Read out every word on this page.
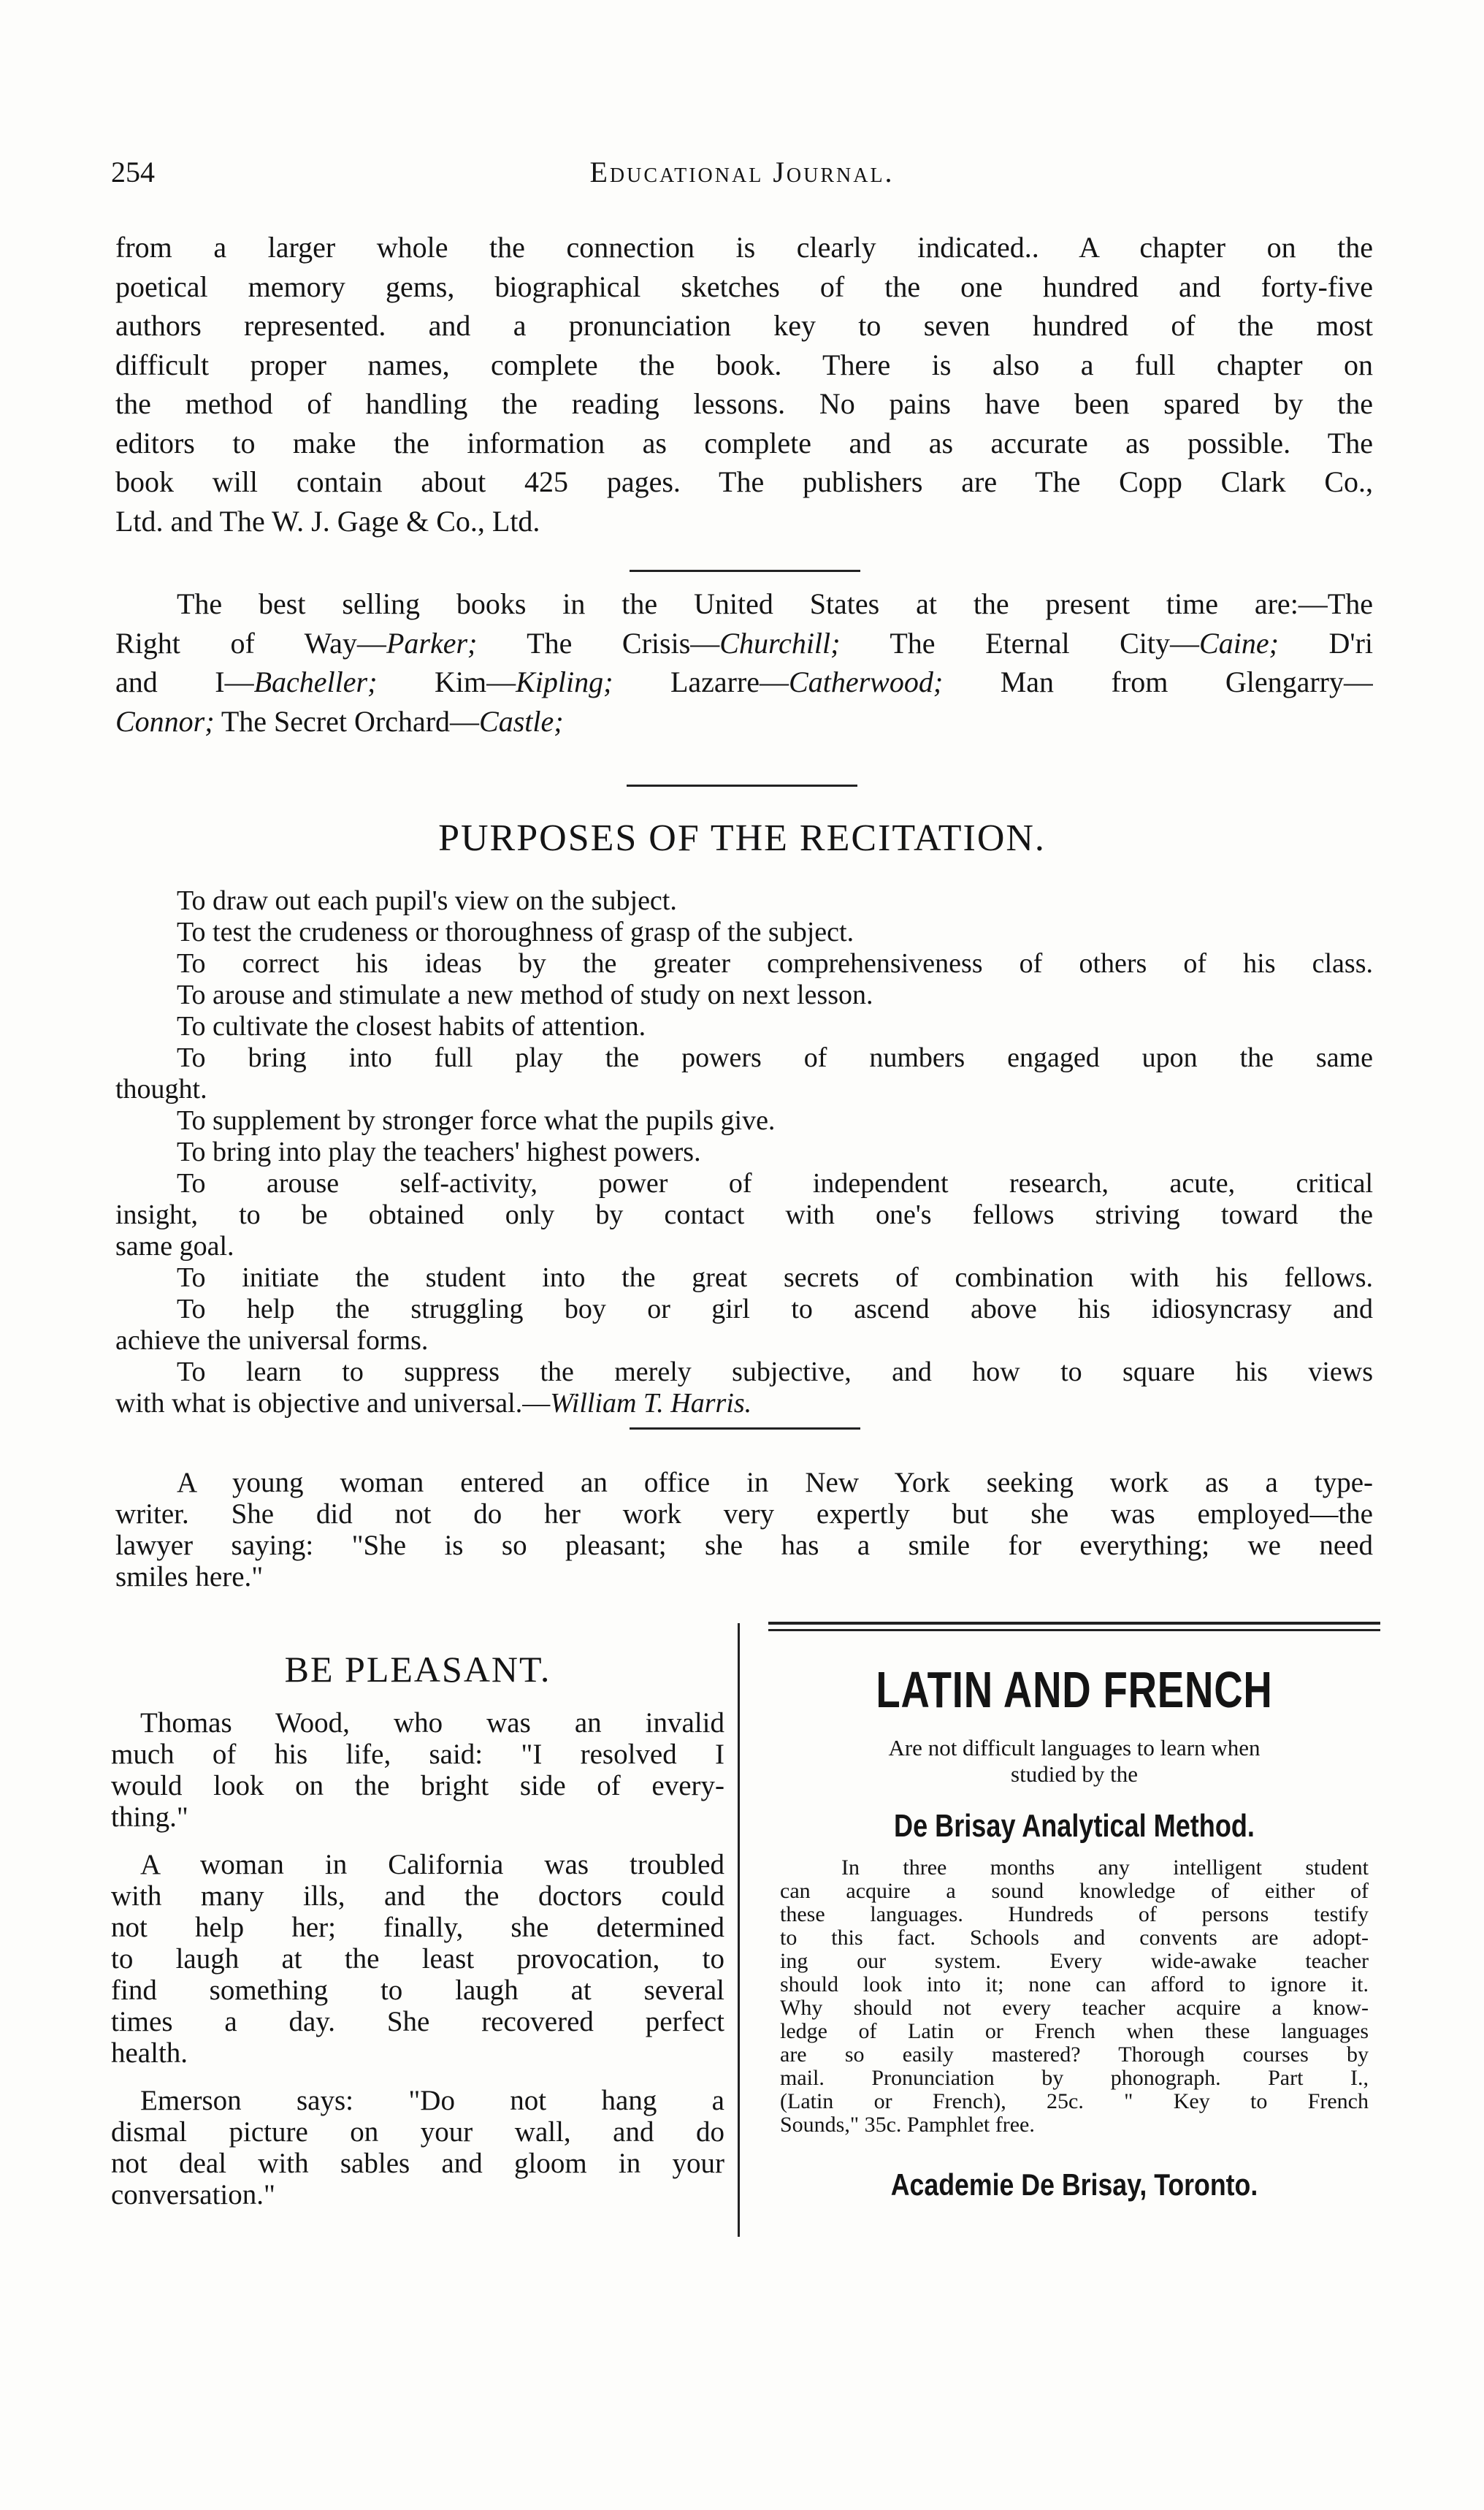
254	Educational Journal.
from a larger whole the connection is clearly indicated.. A chapter on the
poetical memory gems, biographical sketches of the one hundred and forty-five
authors represented. and a pronunciation key to seven hundred of the most
difficult proper names, complete the book. There is also a full chapter on
the method of handling the reading lessons. No pains have been spared by the
editors to make the information as complete and as accurate as possible. The
book will contain about 425 pages. The publishers are The Copp Clark Co.,
Ltd. and The W. J. Gage & Co., Ltd.
The best selling books in the United States at the present time are:—The
Right of Way—Parker; The Crisis—Churchill; The Eternal City—Caine; D'ri
and I—Bacheller; Kim—Kipling; Lazarre—Catherwood; Man from Glengarry—
Connor; The Secret Orchard—Castle;
PURPOSES OF THE RECITATION.
To draw out each pupil's view on the subject.
To test the crudeness or thoroughness of grasp of the subject.
To correct his ideas by the greater comprehensiveness of others of his class.
To arouse and stimulate a new method of study on next lesson.
To cultivate the closest habits of attention.
To bring into full play the powers of numbers engaged upon the same
thought.
To supplement by stronger force what the pupils give.
To bring into play the teachers' highest powers.
To arouse self-activity, power of independent research, acute, critical
insight, to be obtained only by contact with one's fellows striving toward the
same goal.
To initiate the student into the great secrets of combination with his fellows.
To help the struggling boy or girl to ascend above his idiosyncrasy and
achieve the universal forms.
To learn to suppress the merely subjective, and how to square his views
with what is objective and universal.—William T. Harris.
A young woman entered an office in New York seeking work as a type-
writer. She did not do her work very expertly but she was employed—the
lawyer saying: "She is so pleasant; she has a smile for everything; we need
smiles here."
BE PLEASANT.
Thomas Wood, who was an invalid
much of his life, said: "I resolved I
would look on the bright side of every-
thing."
A woman in California was troubled
with many ills, and the doctors could
not help her; finally, she determined
to laugh at the least provocation, to
find something to laugh at several
times a day. She recovered perfect
health.
Emerson says: "Do not hang a
dismal picture on your wall, and do
not deal with sables and gloom in your
conversation."
LATIN AND FRENCH
Are not difficult languages to learn when
studied by the
De Brisay Analytical Method.
In three months any intelligent student
can acquire a sound knowledge of either of
these languages. Hundreds of persons testify
to this fact. Schools and convents are adopt-
ing our system. Every wide-awake teacher
should look into it; none can afford to ignore it.
Why should not every teacher acquire a know-
ledge of Latin or French when these languages
are so easily mastered? Thorough courses by
mail. Pronunciation by phonograph. Part I.,
(Latin or French), 25c. " Key to French
Sounds," 35c. Pamphlet free.
Academie De Brisay, Toronto.
